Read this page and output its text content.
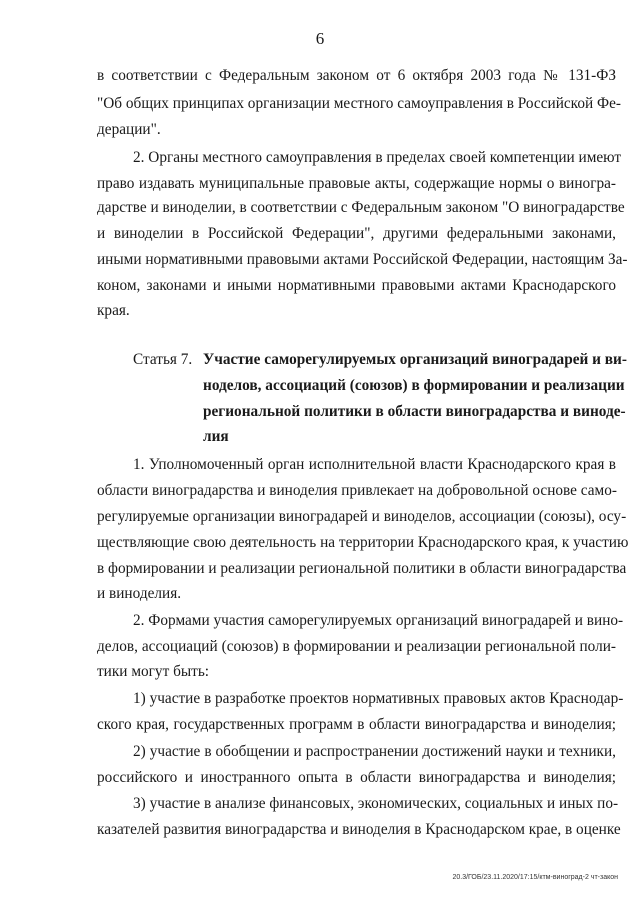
6
в соответствии с Федеральным законом от 6 октября 2003 года № 131-ФЗ
"Об общих принципах организации местного самоуправления в Российской Фе-
дерации".
2. Органы местного самоуправления в пределах своей компетенции имеют
право издавать муниципальные правовые акты, содержащие нормы о виногра-
дарстве и виноделии, в соответствии с Федеральным законом "О виноградарстве
и виноделии в Российской Федерации", другими федеральными законами,
иными нормативными правовыми актами Российской Федерации, настоящим За-
коном, законами и иными нормативными правовыми актами Краснодарского
края.
Статья 7. Участие саморегулируемых организаций виноградарей и ви-
ноделов, ассоциаций (союзов) в формировании и реализации
региональной политики в области виноградарства и виноде-
лия
1. Уполномоченный орган исполнительной власти Краснодарского края в
области виноградарства и виноделия привлекает на добровольной основе само-
регулируемые организации виноградарей и виноделов, ассоциации (союзы), осу-
ществляющие свою деятельность на территории Краснодарского края, к участию
в формировании и реализации региональной политики в области виноградарства
и виноделия.
2. Формами участия саморегулируемых организаций виноградарей и вино-
делов, ассоциаций (союзов) в формировании и реализации региональной поли-
тики могут быть:
1) участие в разработке проектов нормативных правовых актов Краснодар-
ского края, государственных программ в области виноградарства и виноделия;
2) участие в обобщении и распространении достижений науки и техники,
российского и иностранного опыта в области виноградарства и виноделия;
3) участие в анализе финансовых, экономических, социальных и иных по-
казателей развития виноградарства и виноделия в Краснодарском крае, в оценке
20.3/ГОБ/23.11.2020/17:15/ктм-виноград-2 чт-закон
